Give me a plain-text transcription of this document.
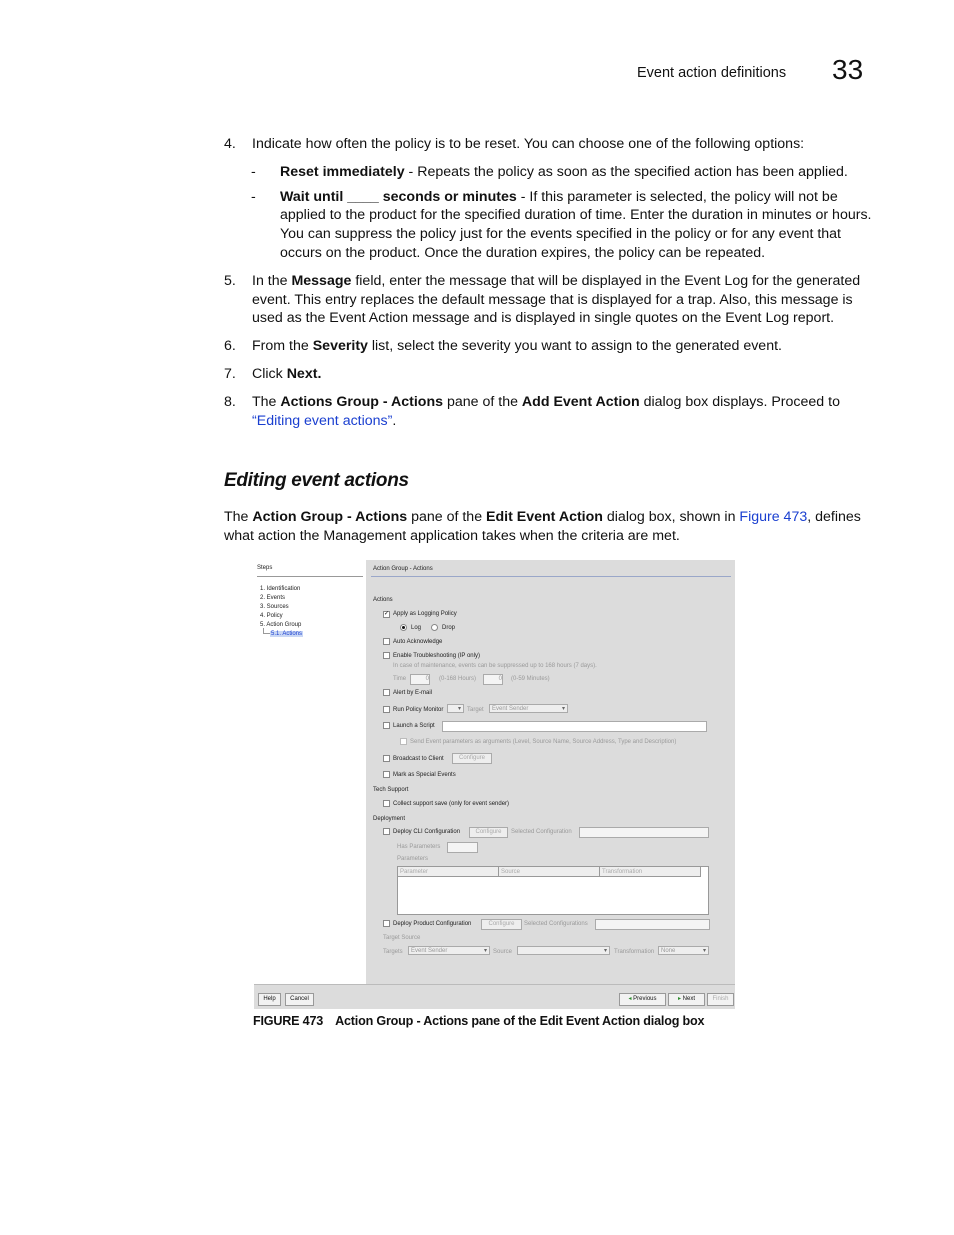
Event action definitions 33

4. Indicate how often the policy is to be reset. You can choose one of the following options:

- Reset immediately - Repeats the policy as soon as the specified action has been applied.

- Wait until ____ seconds or minutes - If this parameter is selected, the policy will not be applied to the product for the specified duration of time. Enter the duration in minutes or hours. You can suppress the policy just for the events specified in the policy or for any event that occurs on the product. Once the duration expires, the policy can be repeated.

5. In the Message field, enter the message that will be displayed in the Event Log for the generated event. This entry replaces the default message that is displayed for a trap. Also, this message is used as the Event Action message and is displayed in single quotes on the Event Log report.

6. From the Severity list, select the severity you want to assign to the generated event.

7. Click Next.

8. The Actions Group - Actions pane of the Add Event Action dialog box displays. Proceed to “Editing event actions”.

Editing event actions

The Action Group - Actions pane of the Edit Event Action dialog box, shown in Figure 473, defines what action the Management application takes when the criteria are met.

Steps
1. Identification
2. Events
3. Sources
4. Policy
5. Action Group
5.1. Actions
Action Group - Actions
Actions
✓
Apply as Logging Policy
Log	Drop
Auto Acknowledge
Enable Troubleshooting (IP only)
In case of maintenance, events can be suppressed up to 168 hours (7 days).
Time	0 (0-168 Hours)	0 (0-59 Minutes)
Alert by E-mail
Run Policy Monitor ▾ Target	Event Sender	▾
Launch a Script
Send Event parameters as arguments (Level, Source Name, Source Address, Type and Description)
Broadcast to Client	Configure
Mark as Special Events
Tech Support
Collect support save (only for event sender)
Deployment
Deploy CLI Configuration	Configure	Selected Configuration
Has Parameters
Parameters
Parameter	Source	Transformation
Deploy Product Configuration	Configure	Selected Configurations
Target Source
Targets	Event Sender	▾ Source	▾ Transformation	None	▾
Help	Cancel	◂ Previous	▸ Next	Finish
FIGURE 473 Action Group - Actions pane of the Edit Event Action dialog box
